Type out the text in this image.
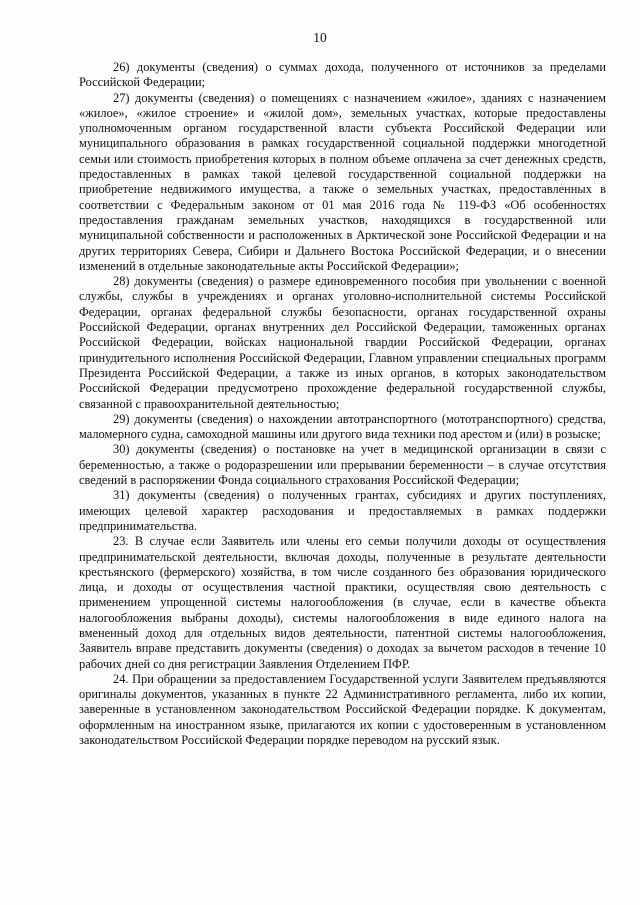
10

26) документы (сведения) о суммах дохода, полученного от источников за пределами Российской Федерации;

27) документы (сведения) о помещениях с назначением «жилое», зданиях с назначением «жилое», «жилое строение» и «жилой дом», земельных участках, которые предоставлены уполномоченным органом государственной власти субъекта Российской Федерации или муниципального образования в рамках государственной социальной поддержки многодетной семьи или стоимость приобретения которых в полном объеме оплачена за счет денежных средств, предоставленных в рамках такой целевой государственной социальной поддержки на приобретение недвижимого имущества, а также о земельных участках, предоставленных в соответствии с Федеральным законом от 01 мая 2016 года № 119-ФЗ «Об особенностях предоставления гражданам земельных участков, находящихся в государственной или муниципальной собственности и расположенных в Арктической зоне Российской Федерации и на других территориях Севера, Сибири и Дальнего Востока Российской Федерации, и о внесении изменений в отдельные законодательные акты Российской Федерации»;

28) документы (сведения) о размере единовременного пособия при увольнении с военной службы, службы в учреждениях и органах уголовно-исполнительной системы Российской Федерации, органах федеральной службы безопасности, органах государственной охраны Российской Федерации, органах внутренних дел Российской Федерации, таможенных органах Российской Федерации, войсках национальной гвардии Российской Федерации, органах принудительного исполнения Российской Федерации, Главном управлении специальных программ Президента Российской Федерации, а также из иных органов, в которых законодательством Российской Федерации предусмотрено прохождение федеральной государственной службы, связанной с правоохранительной деятельностью;

29) документы (сведения) о нахождении автотранспортного (мототранспортного) средства, маломерного судна, самоходной машины или другого вида техники под арестом и (или) в розыске;

30) документы (сведения) о постановке на учет в медицинской организации в связи с беременностью, а также о родоразрешении или прерывании беременности – в случае отсутствия сведений в распоряжении Фонда социального страхования Российской Федерации;

31) документы (сведения) о полученных грантах, субсидиях и других поступлениях, имеющих целевой характер расходования и предоставляемых в рамках поддержки предпринимательства.

23. В случае если Заявитель или члены его семьи получили доходы от осуществления предпринимательской деятельности, включая доходы, полученные в результате деятельности крестьянского (фермерского) хозяйства, в том числе созданного без образования юридического лица, и доходы от осуществления частной практики, осуществляя свою деятельность с применением упрощенной системы налогообложения (в случае, если в качестве объекта налогообложения выбраны доходы), системы налогообложения в виде единого налога на вмененный доход для отдельных видов деятельности, патентной системы налогообложения, Заявитель вправе представить документы (сведения) о доходах за вычетом расходов в течение 10 рабочих дней со дня регистрации Заявления Отделением ПФР.

24. При обращении за предоставлением Государственной услуги Заявителем предъявляются оригиналы документов, указанных в пункте 22 Административного регламента, либо их копии, заверенные в установленном законодательством Российской Федерации порядке. К документам, оформленным на иностранном языке, прилагаются их копии с удостоверенным в установленном законодательством Российской Федерации порядке переводом на русский язык.
